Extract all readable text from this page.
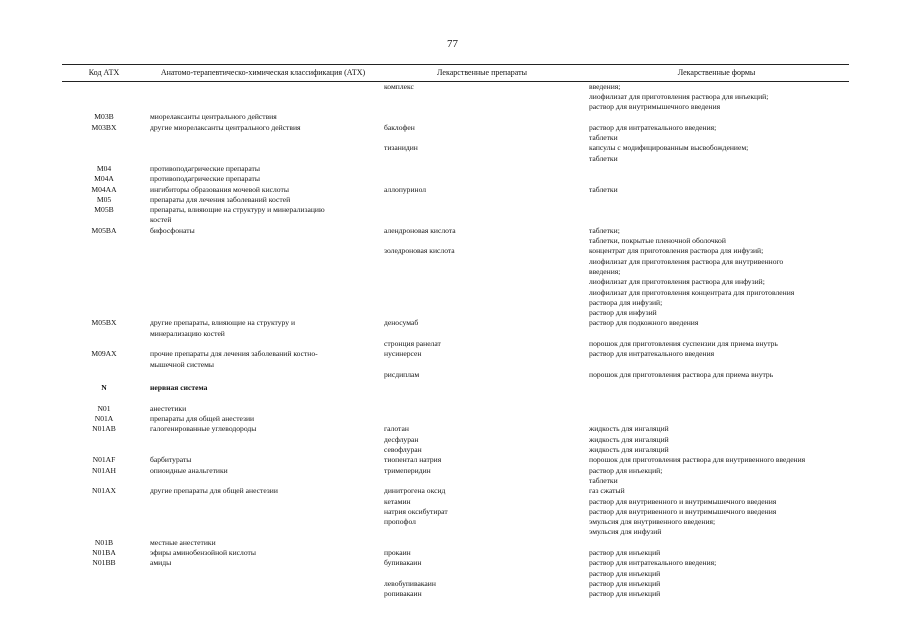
77
Код АТХ	Анатомо-терапевтическо-химическая классификация (АТХ)	Лекарственные препараты	Лекарственные формы
комплекс	введения;
лиофилизат для приготовления раствора для инъекций;
раствор для внутримышечного введения
M03B	миорелаксанты центрального действия
M03BX	другие миорелаксанты центрального действия	баклофен	раствор для интратекального введения;
таблетки
тизанидин	капсулы с модифицированным высвобождением;
таблетки
M04	противоподагрические препараты
M04A	противоподагрические препараты
M04AA	ингибиторы образования мочевой кислоты	аллопуринол	таблетки
M05	препараты для лечения заболеваний костей
M05B	препараты, влияющие на структуру и минерализацию
костей
M05BA	бифосфонаты	алендроновая кислота	таблетки;
таблетки, покрытые пленочной оболочкой
золедроновая кислота	концентрат для приготовления раствора для инфузий;
лиофилизат для приготовления раствора для внутривенного
введения;
лиофилизат для приготовления раствора для инфузий;
лиофилизат для приготовления концентрата для приготовления
раствора для инфузий;
раствор для инфузий
M05BX	другие препараты, влияющие на структуру и	деносумаб	раствор для подкожного введения
минерализацию костей
стронция ранелат	порошок для приготовления суспензии для приема внутрь
M09AX	прочие препараты для лечения заболеваний костно-	нусинерсен	раствор для интратекального введения
мышечной системы
рисдиплам	порошок для приготовления раствора для приема внутрь
N	нервная система
N01	анестетики
N01A	препараты для общей анестезии
N01AB	галогенированные углеводороды	галотан	жидкость для ингаляций
десфлуран	жидкость для ингаляций
севофлуран	жидкость для ингаляций
N01AF	барбитураты	тиопентал натрия	порошок для приготовления раствора для внутривенного введения
N01AH	опиоидные анальгетики	тримеперидин	раствор для инъекций;
таблетки
N01AX	другие препараты для общей анестезии	динитрогена оксид	газ сжатый
кетамин	раствор для внутривенного и внутримышечного введения
натрия оксибутират	раствор для внутривенного и внутримышечного введения
пропофол	эмульсия для внутривенного введения;
эмульсия для инфузий
N01B	местные анестетики
N01BA	эфиры аминобензойной кислоты	прокаин	раствор для инъекций
N01BB	амиды	бупивакаин	раствор для интратекального введения;
раствор для инъекций
левобупивакаин	раствор для инъекций
ропивакаин	раствор для инъекций
